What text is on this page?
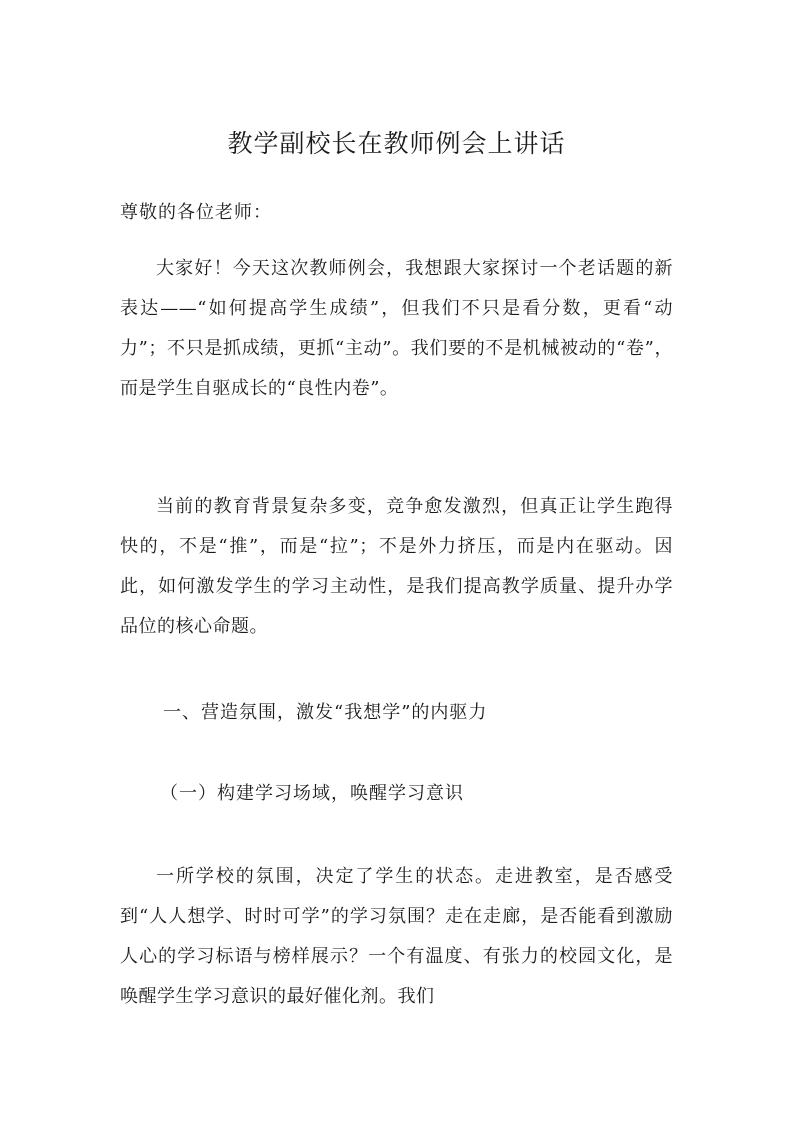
教学副校长在教师例会上讲话
尊敬的各位老师：
大家好！今天这次教师例会，我想跟大家探讨一个老话题的新表达——“如何提高学生成绩”，但我们不只是看分数，更看“动力”；不只是抓成绩，更抓“主动”。我们要的不是机械被动的“卷”，而是学生自驱成长的“良性内卷”。
当前的教育背景复杂多变，竞争愈发激烈，但真正让学生跑得快的，不是“推”，而是“拉”；不是外力挤压，而是内在驱动。因此，如何激发学生的学习主动性，是我们提高教学质量、提升办学品位的核心命题。
一、营造氛围，激发“我想学”的内驱力
（一）构建学习场域，唤醒学习意识
一所学校的氛围，决定了学生的状态。走进教室，是否感受到“人人想学、时时可学”的学习氛围？走在走廊，是否能看到激励人心的学习标语与榜样展示？一个有温度、有张力的校园文化，是唤醒学生学习意识的最好催化剂。我们
